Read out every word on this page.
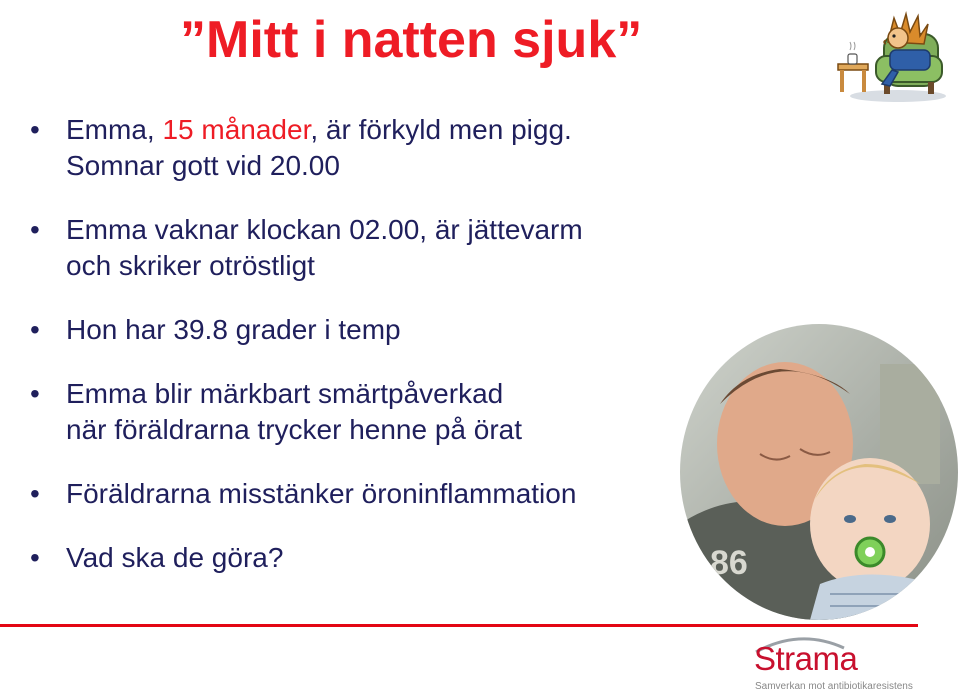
”Mitt i natten sjuk”
• Emma, 15 månader, är förkyld men pigg.
Somnar gott vid 20.00
• Emma vaknar klockan 02.00, är jättevarm
och skriker otröstligt
• Hon har 39.8 grader i temp
• Emma blir märkbart smärtpåverkad
när föräldrarna trycker henne på örat
• Föräldrarna misstänker öroninflammation
• Vad ska de göra?	86
Strama
Samverkan mot antibiotikaresistens
